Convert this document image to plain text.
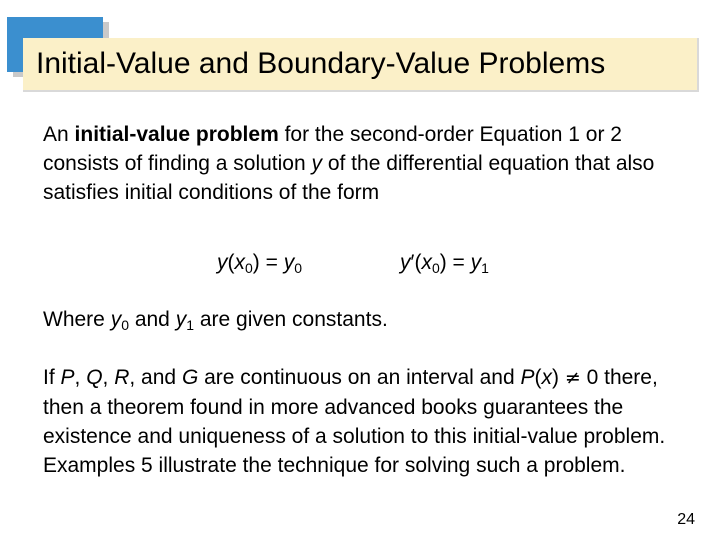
Initial-Value and Boundary-Value Problems
An initial-value problem for the second-order Equation 1 or 2 consists of finding a solution y of the differential equation that also satisfies initial conditions of the form
$y(x_0) = y_0$	$y'(x_0) = y_1$
Where $y_0$ and $y_1$ are given constants.
If P, Q, R, and G are continuous on an interval and P(x) ≠ 0 there, then a theorem found in more advanced books guarantees the existence and uniqueness of a solution to this initial-value problem. Examples 5 illustrate the technique for solving such a problem.
24
